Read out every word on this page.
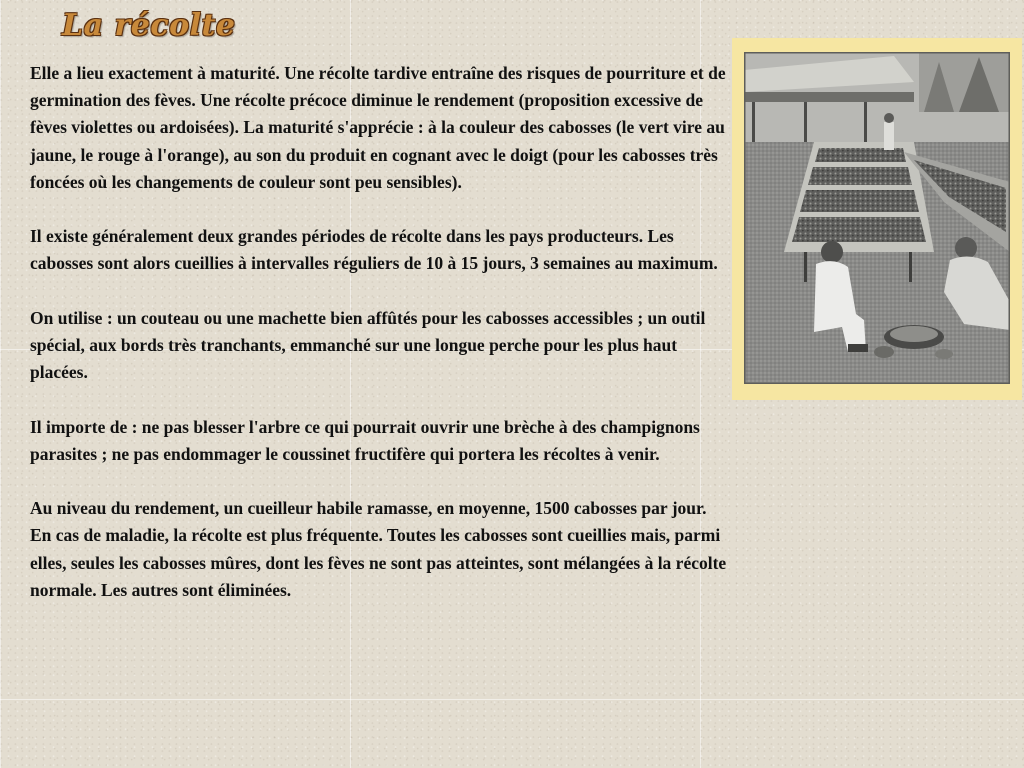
La récolte

Elle a lieu exactement à maturité. Une récolte tardive entraîne des risques de pourriture et de germination des fèves. Une récolte précoce diminue le rendement (proposition excessive de fèves violettes ou ardoisées). La maturité s'apprécie : à la couleur des cabosses (le vert vire au jaune, le rouge à l'orange), au son du produit en cognant avec le doigt (pour les cabosses très foncées où les changements de couleur sont peu sensibles).

Il existe généralement deux grandes périodes de récolte dans les pays producteurs. Les cabosses sont alors cueillies à intervalles réguliers de 10 à 15 jours, 3 semaines au maximum.

On utilise : un couteau ou une machette bien affûtés pour les cabosses accessibles ; un outil spécial, aux bords très tranchants, emmanché sur une longue perche pour les plus haut placées.

Il importe de : ne pas blesser l'arbre ce qui pourrait ouvrir une brèche à des champignons parasites ; ne pas endommager le coussinet fructifère qui portera les récoltes à venir.

Au niveau du rendement, un cueilleur habile ramasse, en moyenne, 1500 cabosses par jour. En cas de maladie, la récolte est plus fréquente. Toutes les cabosses sont cueillies mais, parmi elles, seules les cabosses mûres, dont les fèves ne sont pas atteintes, sont mélangées à la récolte normale. Les autres sont éliminées.
